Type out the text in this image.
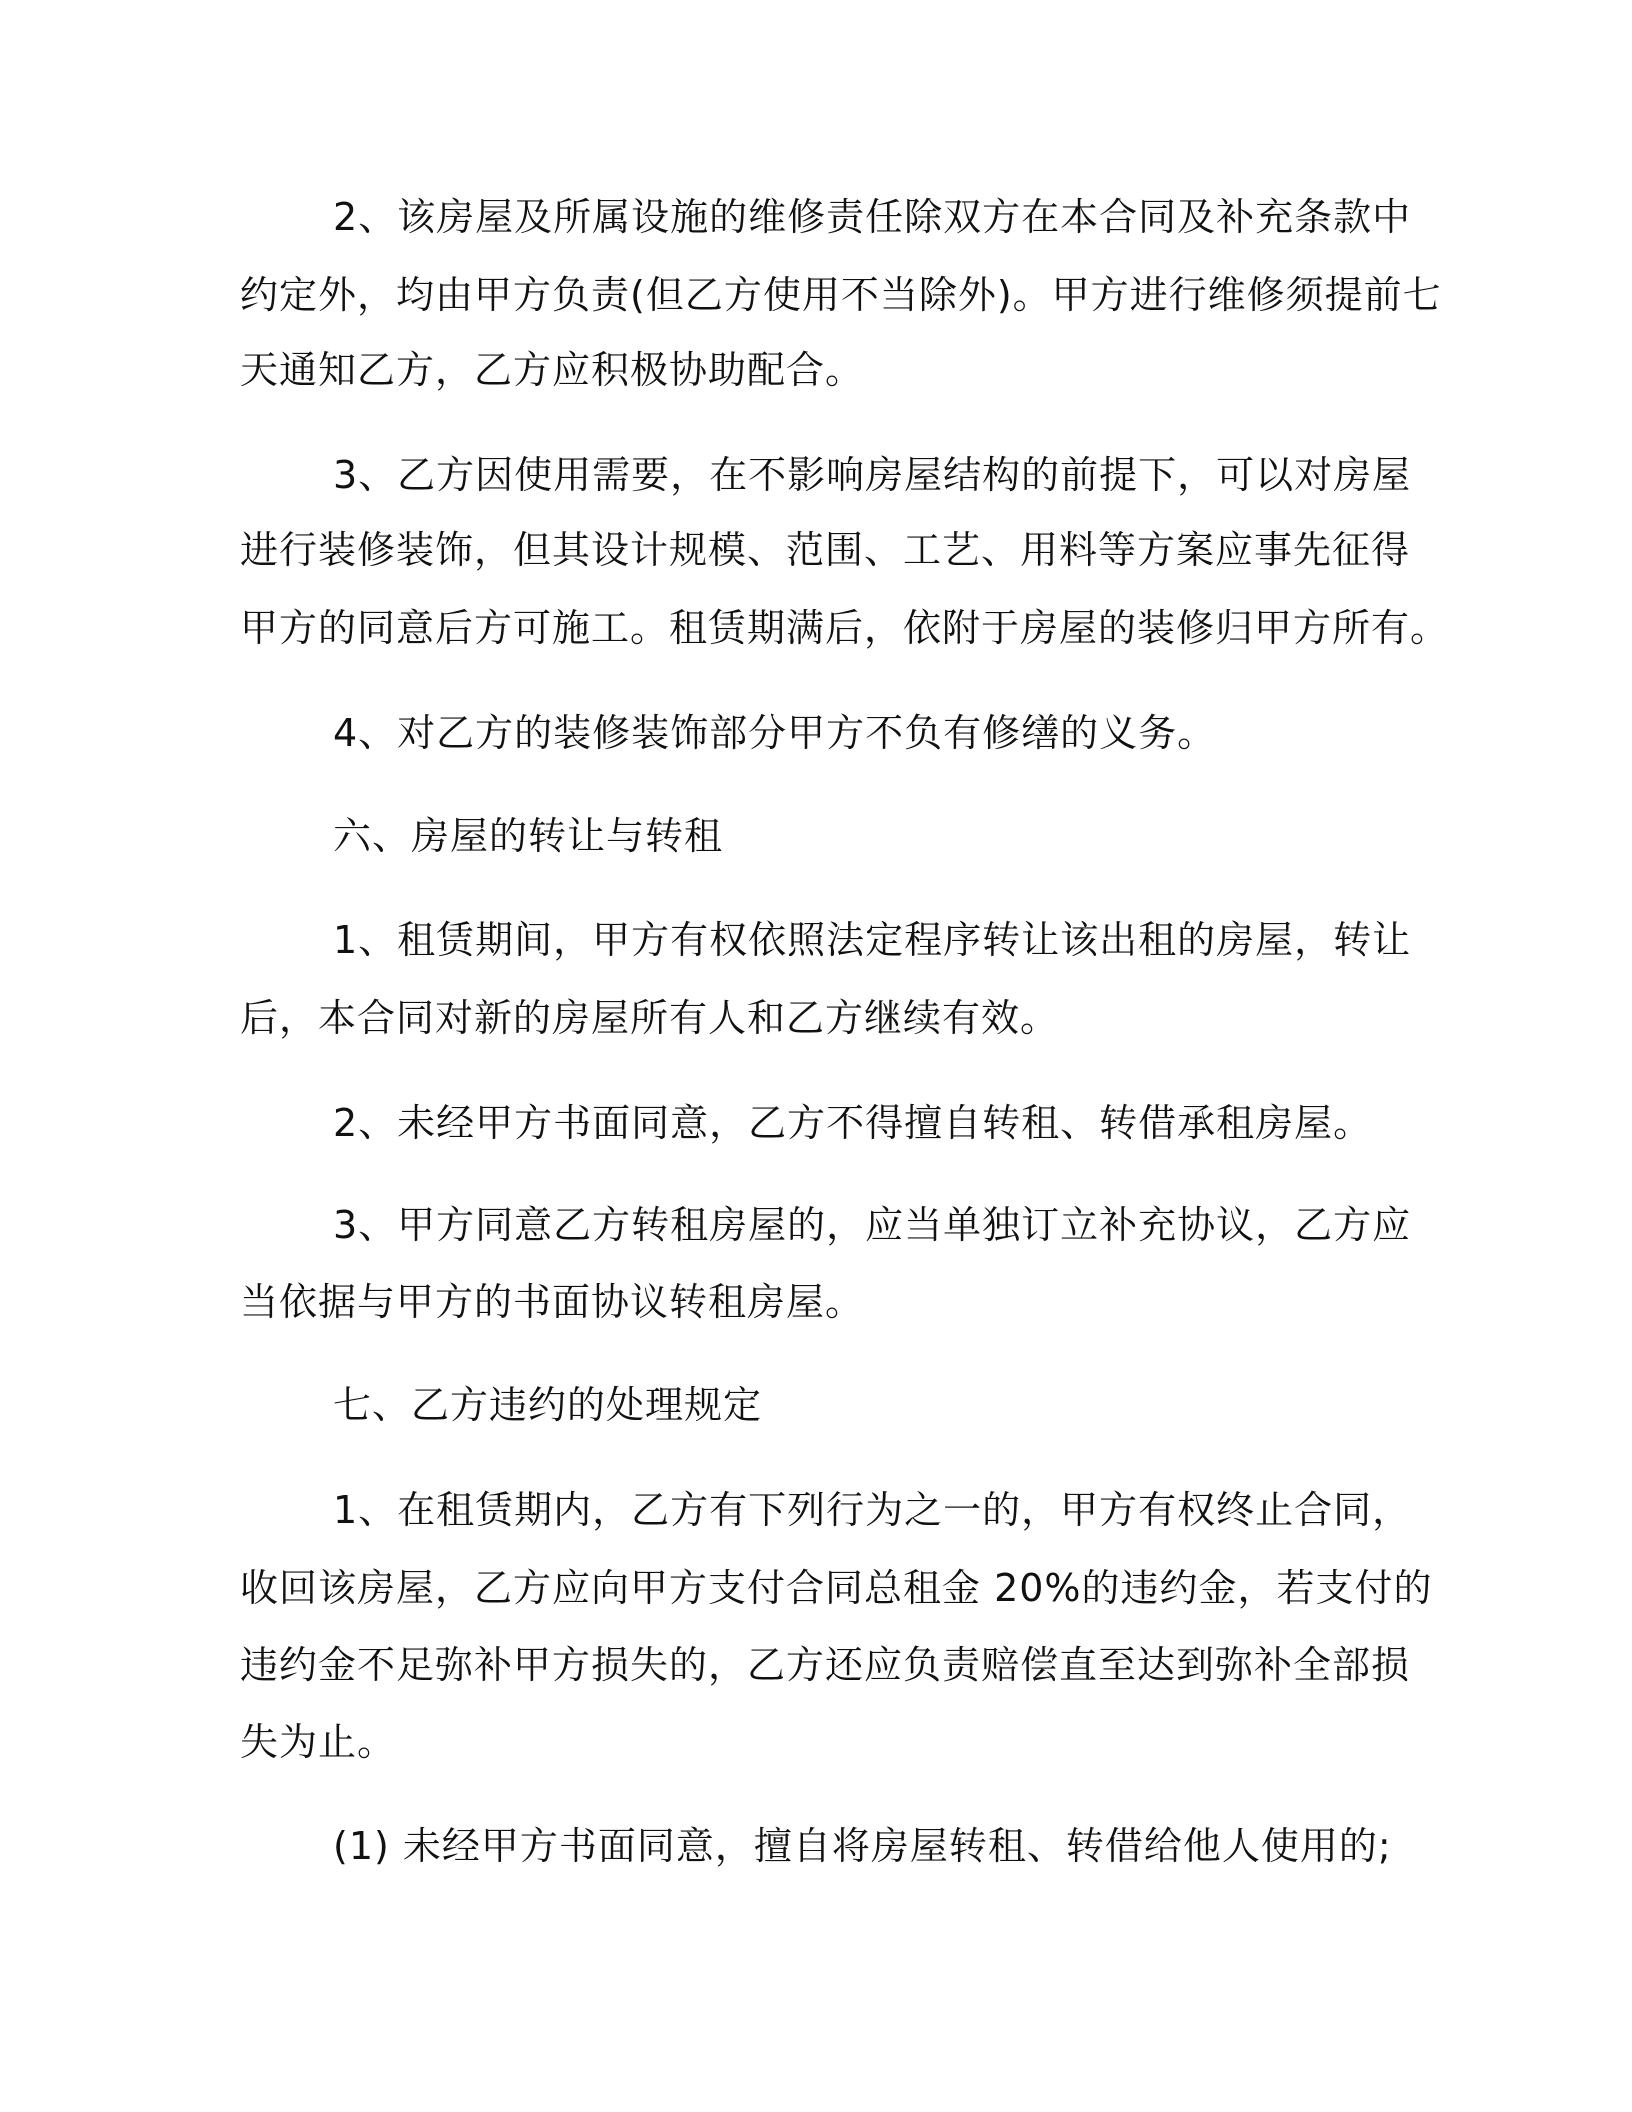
2、该房屋及所属设施的维修责任除双方在本合同及补充条款中
约定外，均由甲方负责(但乙方使用不当除外)。甲方进行维修须提前七
天通知乙方，乙方应积极协助配合。
3、乙方因使用需要，在不影响房屋结构的前提下，可以对房屋
进行装修装饰，但其设计规模、范围、工艺、用料等方案应事先征得
甲方的同意后方可施工。租赁期满后，依附于房屋的装修归甲方所有。
4、对乙方的装修装饰部分甲方不负有修缮的义务。
六、房屋的转让与转租
1、租赁期间，甲方有权依照法定程序转让该出租的房屋，转让
后，本合同对新的房屋所有人和乙方继续有效。
2、未经甲方书面同意，乙方不得擅自转租、转借承租房屋。
3、甲方同意乙方转租房屋的，应当单独订立补充协议，乙方应
当依据与甲方的书面协议转租房屋。
七、乙方违约的处理规定
1、在租赁期内，乙方有下列行为之一的，甲方有权终止合同，
收回该房屋，乙方应向甲方支付合同总租金 20%的违约金，若支付的
违约金不足弥补甲方损失的，乙方还应负责赔偿直至达到弥补全部损
失为止。
(1) 未经甲方书面同意，擅自将房屋转租、转借给他人使用的;
